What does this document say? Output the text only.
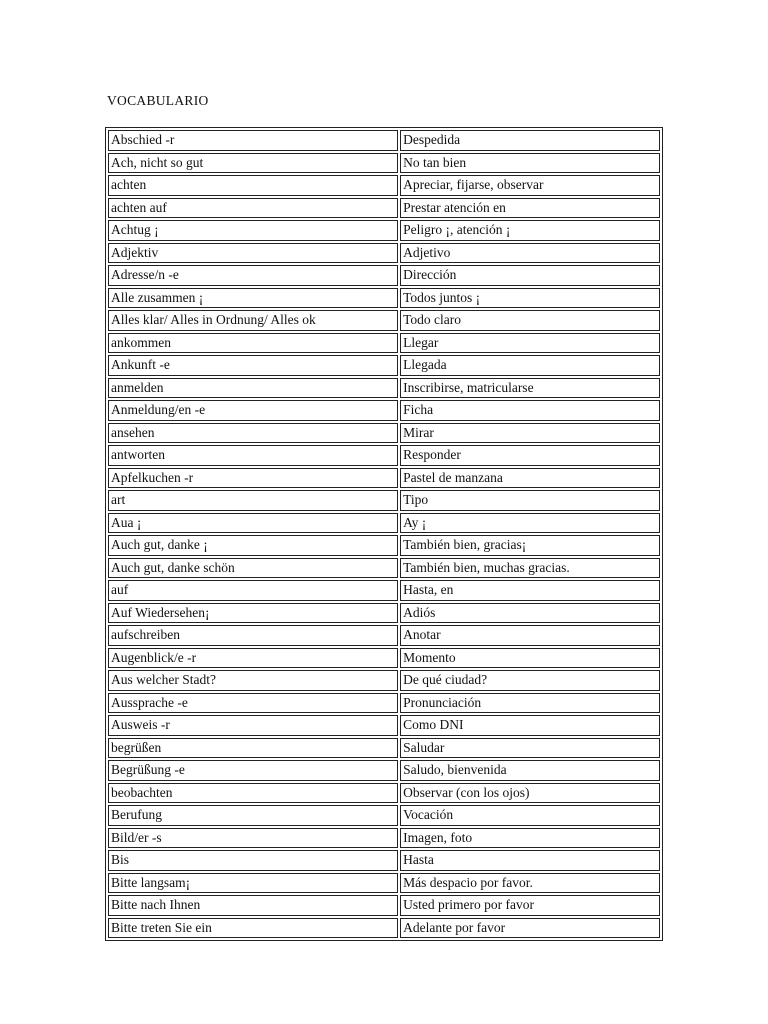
VOCABULARIO
Abschied -r	Despedida
Ach, nicht so gut	No tan bien
achten	Apreciar, fijarse, observar
achten auf	Prestar atención en
Achtug ¡	Peligro ¡, atención ¡
Adjektiv	Adjetivo
Adresse/n -e	Dirección
Alle zusammen ¡	Todos juntos ¡
Alles klar/ Alles in Ordnung/ Alles ok	Todo claro
ankommen	Llegar
Ankunft -e	Llegada
anmelden	Inscribirse, matricularse
Anmeldung/en -e	Ficha
ansehen	Mirar
antworten	Responder
Apfelkuchen -r	Pastel de manzana
art	Tipo
Aua ¡	Ay ¡
Auch gut, danke ¡	También bien, gracias¡
Auch gut, danke schön	También bien, muchas gracias.
auf	Hasta, en
Auf Wiedersehen¡	Adiós
aufschreiben	Anotar
Augenblick/e -r	Momento
Aus welcher Stadt?	De qué ciudad?
Aussprache -e	Pronunciación
Ausweis -r	Como DNI
begrüßen	Saludar
Begrüßung -e	Saludo, bienvenida
beobachten	Observar (con los ojos)
Berufung	Vocación
Bild/er -s	Imagen, foto
Bis	Hasta
Bitte langsam¡	Más despacio por favor.
Bitte nach Ihnen	Usted primero por favor
Bitte treten Sie ein	Adelante por favor
